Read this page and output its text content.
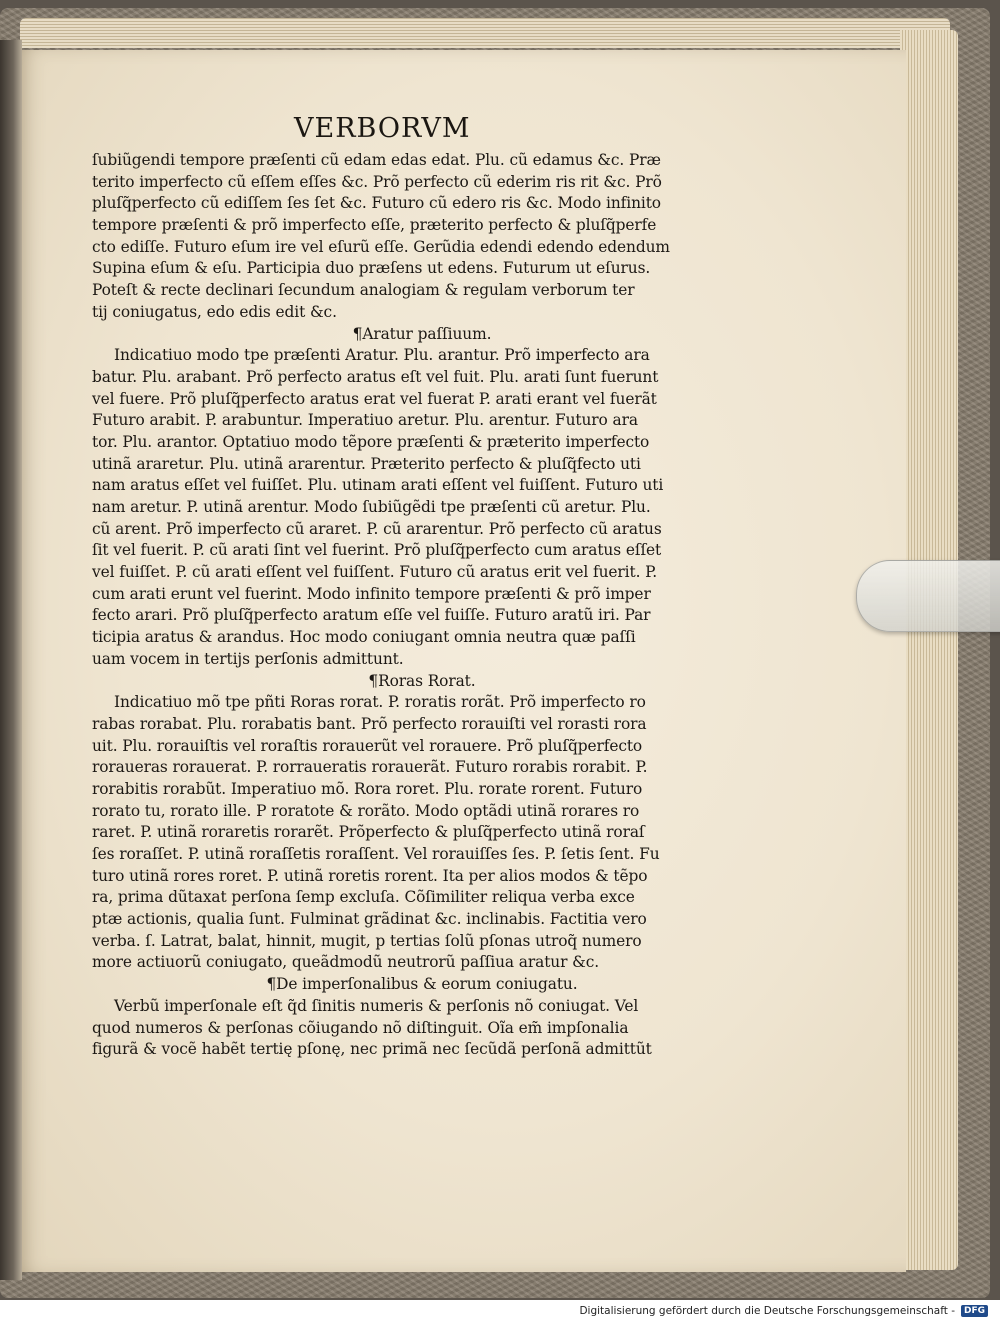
VERBORVM
ſubiũgendi tempore præſenti cũ edam edas edat. Plu. cũ edamus &c. Præ
terito imperfecto cũ eſſem eſſes &c. Prõ perfecto cũ ederim ris rit &c. Prõ
pluſq̃perfecto cũ ediſſem ſes ſet &c. Futuro cũ edero ris &c. Modo infinito
tempore præſenti & prõ imperfecto eſſe, præterito perfecto & pluſq̃perfe
cto ediſſe. Futuro eſum ire vel eſurũ eſſe. Gerũdia edendi edendo edendum
Supina eſum & eſu. Participia duo præſens ut edens. Futurum ut eſurus.
Poteſt & recte declinari ſecundum analogiam & regulam verborum ter
tij coniugatus, edo edis edit &c.
¶Aratur paſſiuum.
Indicatiuo modo tpe præſenti Aratur. Plu. arantur. Prõ imperfecto ara
batur. Plu. arabant. Prõ perfecto aratus eſt vel fuit. Plu. arati ſunt fuerunt
vel fuere. Prõ pluſq̃perfecto aratus erat vel fuerat P. arati erant vel fuerãt
Futuro arabit. P. arabuntur. Imperatiuo aretur. Plu. arentur. Futuro ara
tor. Plu. arantor. Optatiuo modo tẽpore præſenti & præterito imperfecto
utinã araretur. Plu. utinã ararentur. Præterito perfecto & pluſq̃fecto uti
nam aratus eſſet vel fuiſſet. Plu. utinam arati eſſent vel fuiſſent. Futuro uti
nam aretur. P. utinã arentur. Modo ſubiũgẽdi tpe præſenti cũ aretur. Plu.
cũ arent. Prõ imperfecto cũ araret. P. cũ ararentur. Prõ perfecto cũ aratus
ſit vel fuerit. P. cũ arati ſint vel fuerint. Prõ pluſq̃perfecto cum aratus eſſet
vel fuiſſet. P. cũ arati eſſent vel fuiſſent. Futuro cũ aratus erit vel fuerit. P.
cum arati erunt vel fuerint. Modo infinito tempore præſenti & prõ imper
fecto arari. Prõ pluſq̃perfecto aratum eſſe vel fuiſſe. Futuro aratũ iri. Par
ticipia aratus & arandus. Hoc modo coniugant omnia neutra quæ paſſi
uam vocem in tertijs perſonis admittunt.
¶Roras Rorat.
Indicatiuo mõ tpe pñti Roras rorat. P. roratis rorãt. Prõ imperfecto ro
rabas rorabat. Plu. rorabatis bant. Prõ perfecto rorauiſti vel rorasti rora
uit. Plu. rorauiſtis vel roraſtis rorauerũt vel rorauere. Prõ pluſq̃perfecto
roraueras rorauerat. P. rorraueratis rorauerãt. Futuro rorabis rorabit. P.
rorabitis rorabũt. Imperatiuo mõ. Rora roret. Plu. rorate rorent. Futuro
rorato tu, rorato ille. P roratote & rorãto. Modo optãdi utinã rorares ro
raret. P. utinã roraretis rorarẽt. Prõperfecto & pluſq̃perfecto utinã roraſ
ſes roraſſet. P. utinã roraſſetis roraſſent. Vel rorauiſſes ſes. P. ſetis ſent. Fu
turo utinã rores roret. P. utinã roretis rorent. Ita per alios modos & tẽpo
ra, prima dũtaxat perſona ſemp excluſa. Cõſimiliter reliqua verba exce
ptæ actionis, qualia ſunt. Fulminat grãdinat &c. inclinabis. Factitia vero
verba. ſ. Latrat, balat, hinnit, mugit, p tertias ſolũ pſonas utroq̃ numero
more actiuorũ coniugato, queãdmodũ neutrorũ paſſiua aratur &c.
¶De imperſonalibus & eorum coniugatu.
Verbũ imperſonale eſt q̃d ſinitis numeris & perſonis nõ coniugat. Vel
quod numeros & perſonas cõiugando nõ diſtinguit. Oĩa em̃ impſonalia
figurã & vocẽ habẽt tertię pſonę, nec primã nec ſecũdã perſonã admittũt
Digitalisierung gefördert durch die Deutsche Forschungsgemeinschaft -	DFG
